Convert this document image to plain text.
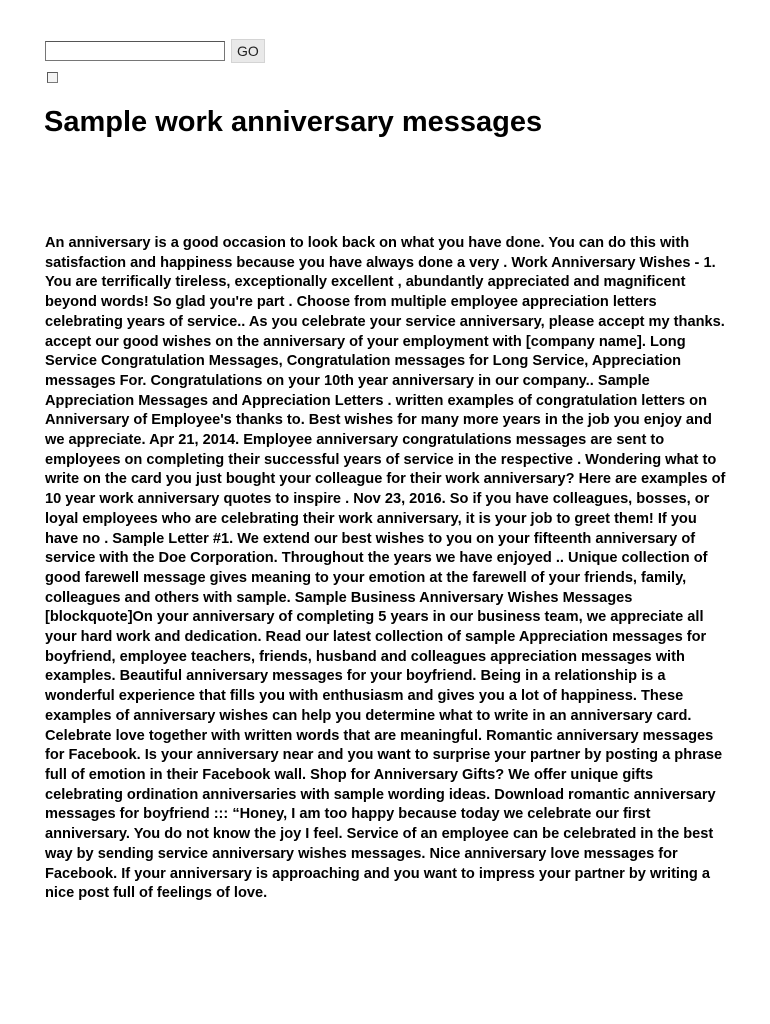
GO
Sample work anniversary messages

An anniversary is a good occasion to look back on what you have done. You can do this with satisfaction and happiness because you have always done a very . Work Anniversary Wishes - 1. You are terrifically tireless, exceptionally excellent , abundantly appreciated and magnificent beyond words! So glad you're part . Choose from multiple employee appreciation letters celebrating years of service.. As you celebrate your service anniversary, please accept my thanks. accept our good wishes on the anniversary of your employment with [company name]. Long Service Congratulation Messages, Congratulation messages for Long Service, Appreciation messages For. Congratulations on your 10th year anniversary in our company.. Sample Appreciation Messages and Appreciation Letters . written examples of congratulation letters on Anniversary of Employee's thanks to. Best wishes for many more years in the job you enjoy and we appreciate. Apr 21, 2014. Employee anniversary congratulations messages are sent to employees on completing their successful years of service in the respective . Wondering what to write on the card you just bought your colleague for their work anniversary? Here are examples of 10 year work anniversary quotes to inspire . Nov 23, 2016. So if you have colleagues, bosses, or loyal employees who are celebrating their work anniversary, it is your job to greet them! If you have no . Sample Letter #1. We extend our best wishes to you on your fifteenth anniversary of service with the Doe Corporation. Throughout the years we have enjoyed .. Unique collection of good farewell message gives meaning to your emotion at the farewell of your friends, family, colleagues and others with sample. Sample Business Anniversary Wishes Messages [blockquote]On your anniversary of completing 5 years in our business team, we appreciate all your hard work and dedication. Read our latest collection of sample Appreciation messages for boyfriend, employee teachers, friends, husband and colleagues appreciation messages with examples. Beautiful anniversary messages for your boyfriend. Being in a relationship is a wonderful experience that fills you with enthusiasm and gives you a lot of happiness. These examples of anniversary wishes can help you determine what to write in an anniversary card. Celebrate love together with written words that are meaningful. Romantic anniversary messages for Facebook. Is your anniversary near and you want to surprise your partner by posting a phrase full of emotion in their Facebook wall. Shop for Anniversary Gifts? We offer unique gifts celebrating ordination anniversaries with sample wording ideas. Download romantic anniversary messages for boyfriend ::: “Honey, I am too happy because today we celebrate our first anniversary. You do not know the joy I feel. Service of an employee can be celebrated in the best way by sending service anniversary wishes messages. Nice anniversary love messages for Facebook. If your anniversary is approaching and you want to impress your partner by writing a nice post full of feelings of love.
